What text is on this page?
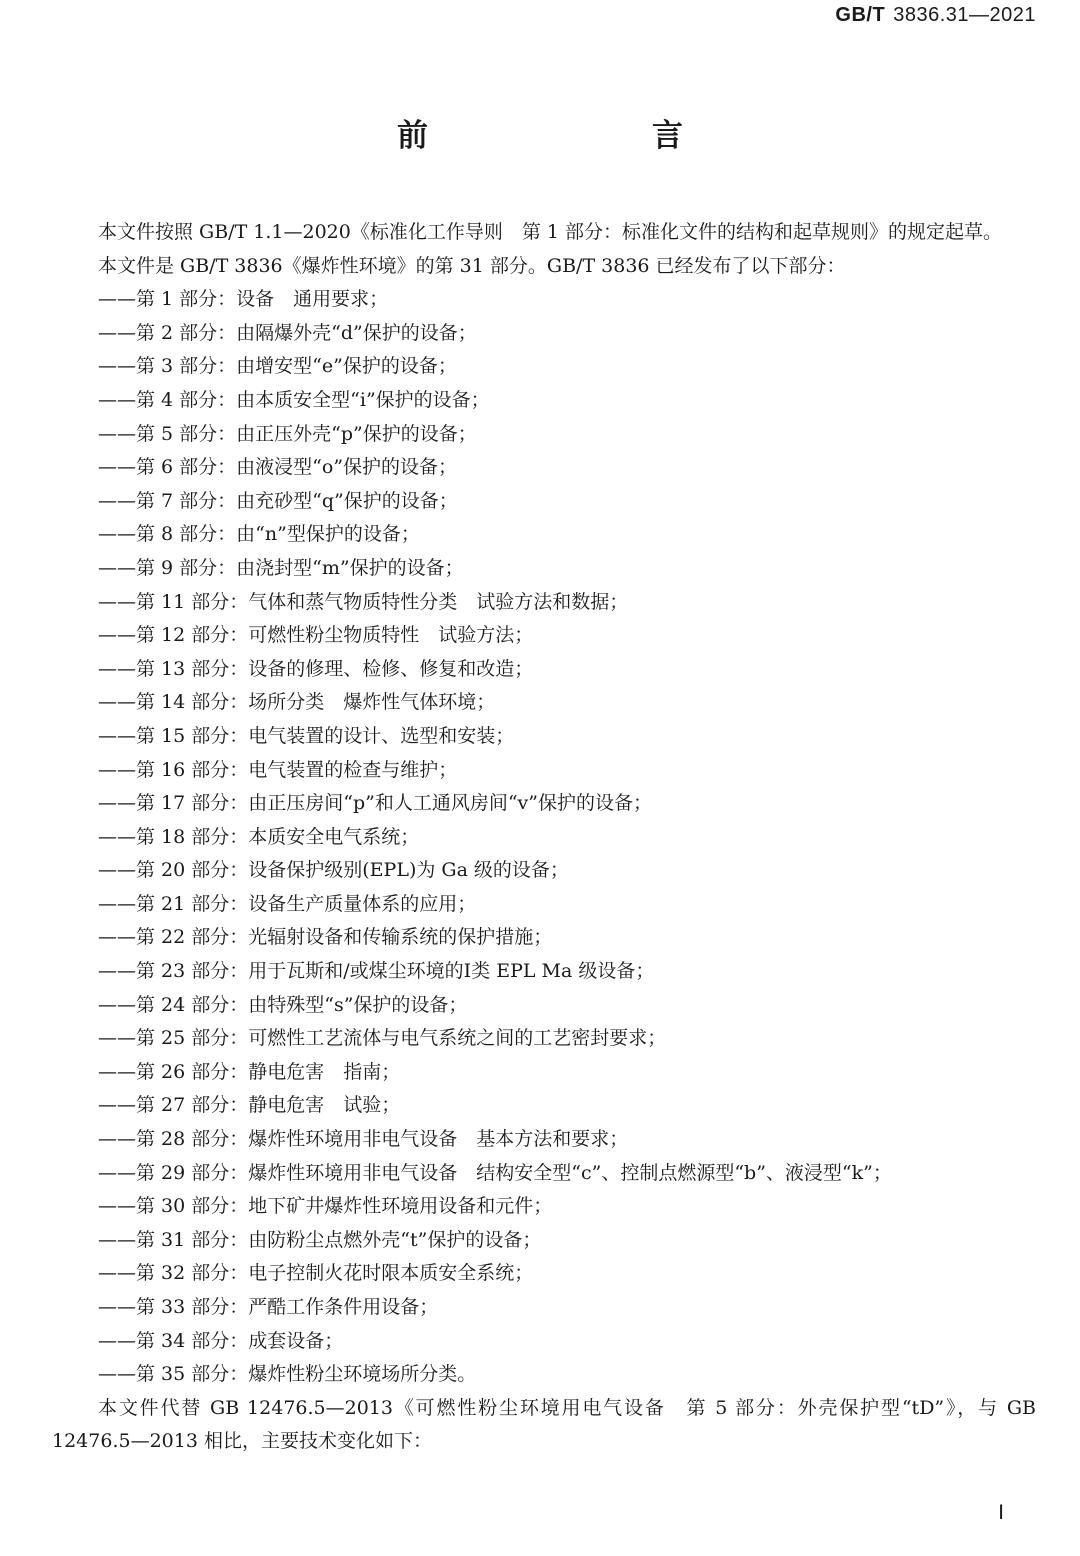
GB/T 3836.31—2021
前　　言

本文件按照 GB/T 1.1—2020《标准化工作导则　第 1 部分：标准化文件的结构和起草规则》的规定起草。

本文件是 GB/T 3836《爆炸性环境》的第 31 部分。GB/T 3836 已经发布了以下部分：

——第 1 部分：设备　通用要求；
——第 2 部分：由隔爆外壳“d”保护的设备；
——第 3 部分：由增安型“e”保护的设备；
——第 4 部分：由本质安全型“i”保护的设备；
——第 5 部分：由正压外壳“p”保护的设备；
——第 6 部分：由液浸型“o”保护的设备；
——第 7 部分：由充砂型“q”保护的设备；
——第 8 部分：由“n”型保护的设备；
——第 9 部分：由浇封型“m”保护的设备；
——第 11 部分：气体和蒸气物质特性分类　试验方法和数据；
——第 12 部分：可燃性粉尘物质特性　试验方法；
——第 13 部分：设备的修理、检修、修复和改造；
——第 14 部分：场所分类　爆炸性气体环境；
——第 15 部分：电气装置的设计、选型和安装；
——第 16 部分：电气装置的检查与维护；
——第 17 部分：由正压房间“p”和人工通风房间“v”保护的设备；
——第 18 部分：本质安全电气系统；
——第 20 部分：设备保护级别(EPL)为 Ga 级的设备；
——第 21 部分：设备生产质量体系的应用；
——第 22 部分：光辐射设备和传输系统的保护措施；
——第 23 部分：用于瓦斯和/或煤尘环境的Ⅰ类 EPL Ma 级设备；
——第 24 部分：由特殊型“s”保护的设备；
——第 25 部分：可燃性工艺流体与电气系统之间的工艺密封要求；
——第 26 部分：静电危害　指南；
——第 27 部分：静电危害　试验；
——第 28 部分：爆炸性环境用非电气设备　基本方法和要求；
——第 29 部分：爆炸性环境用非电气设备　结构安全型“c”、控制点燃源型“b”、液浸型“k”；
——第 30 部分：地下矿井爆炸性环境用设备和元件；
——第 31 部分：由防粉尘点燃外壳“t”保护的设备；
——第 32 部分：电子控制火花时限本质安全系统；
——第 33 部分：严酷工作条件用设备；
——第 34 部分：成套设备；
——第 35 部分：爆炸性粉尘环境场所分类。

本文件代替 GB 12476.5—2013《可燃性粉尘环境用电气设备　第 5 部分：外壳保护型“tD”》，与 GB 12476.5—2013 相比，主要技术变化如下：

Ⅰ
